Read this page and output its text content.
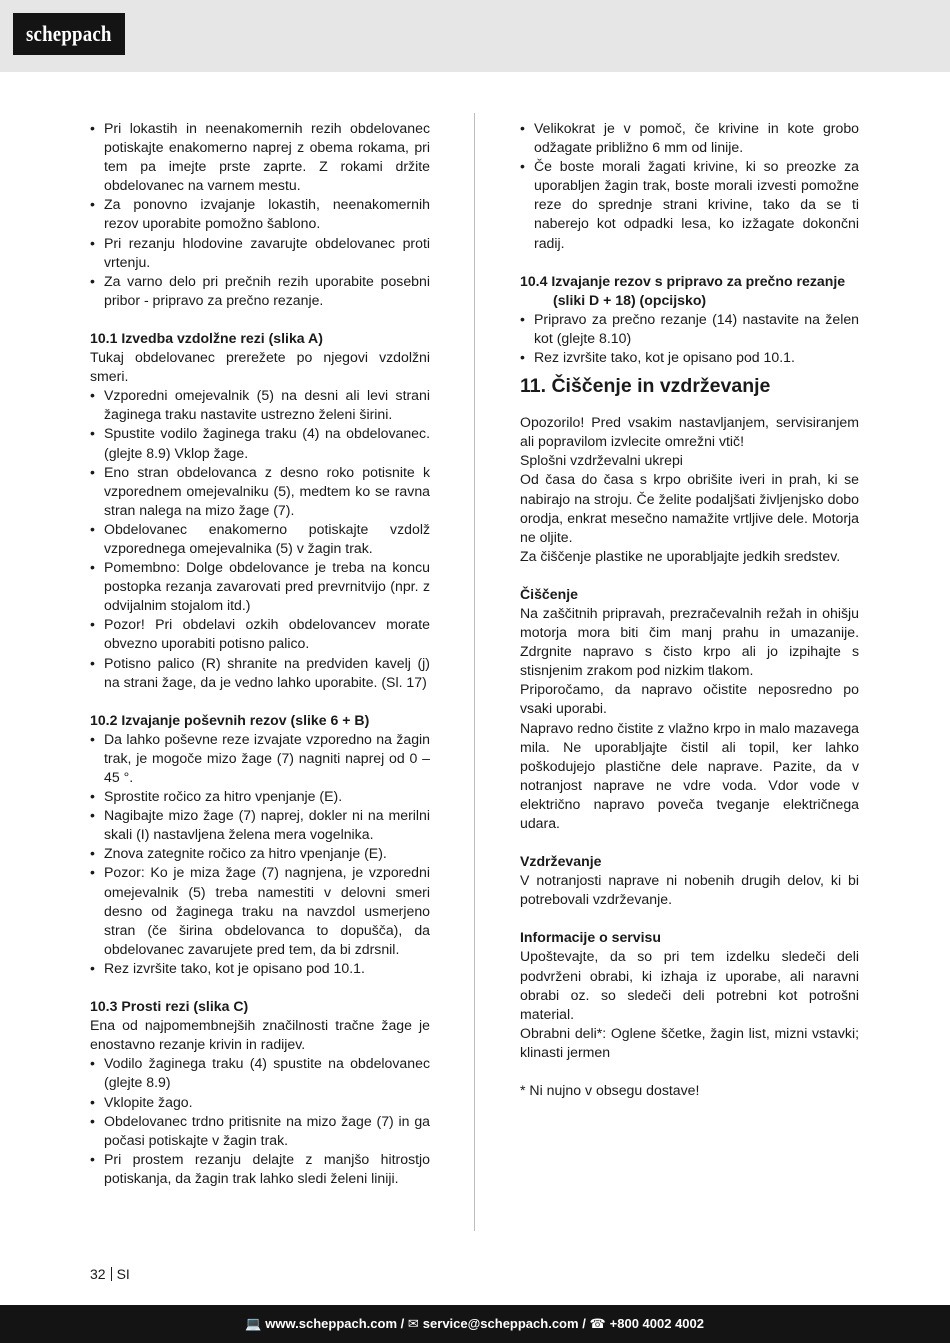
scheppach
• Pri lokastih in neenakomernih rezih obdelovanec potiskajte enakomerno naprej z obema rokama, pri tem pa imejte prste zaprte. Z rokami držite obdelovanec na varnem mestu.
• Za ponovno izvajanje lokastih, neenakomernih rezov uporabite pomožno šablono.
• Pri rezanju hlodovine zavarujte obdelovanec proti vrtenju.
• Za varno delo pri prečnih rezih uporabite posebni pribor - pripravo za prečno rezanje.
10.1 Izvedba vzdolžne rezi (slika A)

Tukaj obdelovanec prerežete po njegovi vzdolžni smeri.

• Vzporedni omejevalnik (5) na desni ali levi strani žaginega traku nastavite ustrezno želeni širini.
• Spustite vodilo žaginega traku (4) na obdelovanec. (glejte 8.9) Vklop žage.
• Eno stran obdelovanca z desno roko potisnite k vzporednem omejevalniku (5), medtem ko se ravna stran nalega na mizo žage (7).
• Obdelovanec enakomerno potiskajte vzdolž vzporednega omejevalnika (5) v žagin trak.
• Pomembno: Dolge obdelovance je treba na koncu postopka rezanja zavarovati pred prevrnitvijo (npr. z odvijalnim stojalom itd.)
• Pozor! Pri obdelavi ozkih obdelovancev morate obvezno uporabiti potisno palico.
• Potisno palico (R) shranite na predviden kavelj (j) na strani žage, da je vedno lahko uporabite. (Sl. 17)
10.2 Izvajanje poševnih rezov (slike 6 + B)
• Da lahko poševne reze izvajate vzporedno na žagin trak, je mogoče mizo žage (7) nagniti naprej od 0 – 45 °.
• Sprostite ročico za hitro vpenjanje (E).
• Nagibajte mizo žage (7) naprej, dokler ni na merilni skali (I) nastavljena želena mera vogelnika.
• Znova zategnite ročico za hitro vpenjanje (E).
• Pozor: Ko je miza žage (7) nagnjena, je vzporedni omejevalnik (5) treba namestiti v delovni smeri desno od žaginega traku na navzdol usmerjeno stran (če širina obdelovanca to dopušča), da obdelovanec zavarujete pred tem, da bi zdrsnil.
• Rez izvršite tako, kot je opisano pod 10.1.
10.3 Prosti rezi (slika C)

Ena od najpomembnejših značilnosti tračne žage je enostavno rezanje krivin in radijev.

• Vodilo žaginega traku (4) spustite na obdelovanec (glejte 8.9)
• Vklopite žago.
• Obdelovanec trdno pritisnite na mizo žage (7) in ga počasi potiskajte v žagin trak.
• Pri prostem rezanju delajte z manjšo hitrostjo potiskanja, da žagin trak lahko sledi želeni liniji.
• Velikokrat je v pomoč, če krivine in kote grobo odžagate približno 6 mm od linije.
• Če boste morali žagati krivine, ki so preozke za uporabljen žagin trak, boste morali izvesti pomožne reze do sprednje strani krivine, tako da se ti naberejo kot odpadki lesa, ko izžagate dokončni radij.
10.4 Izvajanje rezov s pripravo za prečno rezanje
(sliki D + 18) (opcijsko)
• Pripravo za prečno rezanje (14) nastavite na želen kot (glejte 8.10)
• Rez izvršite tako, kot je opisano pod 10.1.
11. Čiščenje in vzdrževanje

Opozorilo! Pred vsakim nastavljanjem, servisiranjem ali popravilom izvlecite omrežni vtič!

Splošni vzdrževalni ukrepi

Od časa do časa s krpo obrišite iveri in prah, ki se nabirajo na stroju. Če želite podaljšati življenjsko dobo orodja, enkrat mesečno namažite vrtljive dele. Motorja ne oljite.

Za čiščenje plastike ne uporabljajte jedkih sredstev.

Čiščenje

Na zaščitnih pripravah, prezračevalnih režah in ohišju motorja mora biti čim manj prahu in umazanije. Zdrgnite napravo s čisto krpo ali jo izpihajte s stisnjenim zrakom pod nizkim tlakom.

Priporočamo, da napravo očistite neposredno po vsaki uporabi.

Napravo redno čistite z vlažno krpo in malo mazavega mila. Ne uporabljajte čistil ali topil, ker lahko poškodujejo plastične dele naprave. Pazite, da v notranjost naprave ne vdre voda. Vdor vode v električno napravo poveča tveganje električnega udara.

Vzdrževanje

V notranjosti naprave ni nobenih drugih delov, ki bi potrebovali vzdrževanje.

Informacije o servisu

Upoštevajte, da so pri tem izdelku sledeči deli podvrženi obrabi, ki izhaja iz uporabe, ali naravni obrabi oz. so sledeči deli potrebni kot potrošni material.

Obrabni deli*: Oglene ščetke, žagin list, mizni vstavki; klinasti jermen

* Ni nujno v obsegu dostave!

32 SI
💻 www.scheppach.com / ✉ service@scheppach.com / ☎ +800 4002 4002
